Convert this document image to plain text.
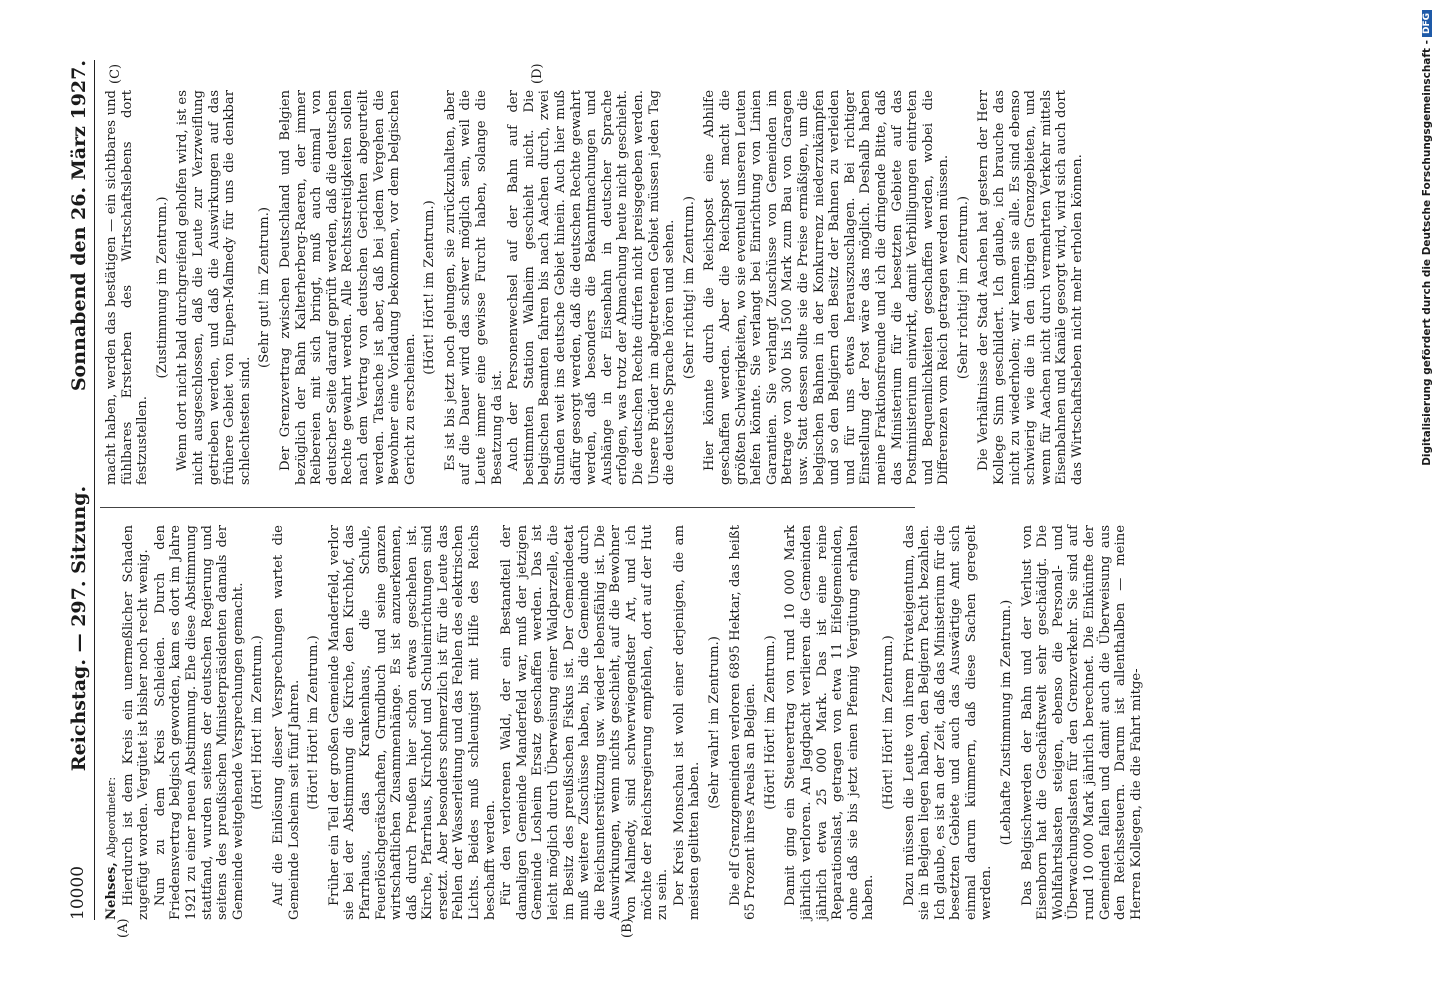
10000
Reichstag. — 297. Sitzung.
Sonnabend den 26. März 1927.
(A)	(B)
(C)	(D)

Nehses, Abgeordneter: Hierdurch ist dem Kreis ein unermeßlicher Schaden zugefügt worden. Vergütet ist bisher noch recht wenig. Nun zu dem Kreis Schleiden. Durch den Friedensvertrag belgisch geworden, kam es dort im Jahre 1921 zu einer neuen Abstimmung. Ehe diese Abstimmung stattfand, wurden seitens der deutschen Regierung und seitens des preußischen Ministerpräsidenten damals der Gemeinde weitgehende Versprechungen gemacht. (Hört! Hört! im Zentrum.) Auf die Einlösung dieser Versprechungen wartet die Gemeinde Losheim seit fünf Jahren. (Hört! Hört! im Zentrum.) Früher ein Teil der großen Gemeinde Manderfeld, verlor sie bei der Abstimmung die Kirche, den Kirchhof, das Pfarrhaus, das Krankenhaus, die Schule, Feuerlöschgerätschaften, Grundbuch und seine ganzen wirtschaftlichen Zusammenhänge. Es ist anzuerkennen, daß durch Preußen hier schon etwas geschehen ist. Kirche, Pfarrhaus, Kirchhof und Schuleinrichtungen sind ersetzt. Aber besonders schmerzlich ist für die Leute das Fehlen der Wasserleitung und das Fehlen des elektrischen Lichts. Beides muß schleunigst mit Hilfe des Reichs beschafft werden. Für den verlorenen Wald, der ein Bestandteil der damaligen Gemeinde Manderfeld war, muß der jetzigen Gemeinde Losheim Ersatz geschaffen werden. Das ist leicht möglich durch Überweisung einer Waldparzelle, die im Besitz des preußischen Fiskus ist. Der Gemeindeetat muß weitere Zuschüsse haben, bis die Gemeinde durch die Reichsunterstützung usw. wieder lebensfähig ist. Die Auswirkungen, wenn nichts geschieht, auf die Bewohner von Malmedy, sind schwerwiegendster Art, und ich möchte der Reichsregierung empfehlen, dort auf der Hut zu sein. Der Kreis Monschau ist wohl einer derjenigen, die am meisten gelitten haben.

(Sehr wahr! im Zentrum.) Die elf Grenzgemeinden verloren 6895 Hektar, das heißt 65 Prozent ihres Areals an Belgien. (Hört! Hört! im Zentrum.) Damit ging ein Steuerertrag von rund 10 000 Mark jährlich verloren. An Jagdpacht verlieren die Gemeinden jährlich etwa 25 000 Mark. Das ist eine reine Reparationslast, getragen von etwa 11 Eifelgemeinden, ohne daß sie bis jetzt einen Pfennig Vergütung erhalten haben.

(Hört! Hört! im Zentrum.) Dazu müssen die Leute von ihrem Privateigentum, das sie in Belgien liegen haben, den Belgiern Pacht bezahlen. Ich glaube, es ist an der Zeit, daß das Ministerium für die besetzten Gebiete und auch das Auswärtige Amt sich einmal darum kümmern, daß diese Sachen geregelt werden.

(Lebhafte Zustimmung im Zentrum.) Das Belgischwerden der Bahn und der Verlust von Eisenborn hat die Geschäftswelt sehr geschädigt. Die Wohlfahrtslasten steigen, ebenso die Personal- und Überwachungslasten für den Grenzverkehr. Sie sind auf rund 10 000 Mark jährlich berechnet. Die Einkünfte der Gemeinden fallen und damit auch die Überweisung aus den Reichssteuern. Darum ist allenthalben — meine Herren Kollegen, die die Fahrt mitge-

macht haben, werden das bestätigen — ein sichtbares und fühlbares Ersterben des Wirtschaftslebens dort festzustellen.

(Zustimmung im Zentrum.) Wenn dort nicht bald durchgreifend geholfen wird, ist es nicht ausgeschlossen, daß die Leute zur Verzweiflung getrieben werden, und daß die Auswirkungen auf das frühere Gebiet von Eupen-Malmedy für uns die denkbar schlechtesten sind.

(Sehr gut! im Zentrum.) Der Grenzvertrag zwischen Deutschland und Belgien bezüglich der Bahn Kalterherberg-Raeren, der immer Reibereien mit sich bringt, muß auch einmal von deutscher Seite darauf geprüft werden, daß die deutschen Rechte gewahrt werden. Alle Rechtsstreitigkeiten sollen nach dem Vertrag von deutschen Gerichten abgeurteilt werden. Tatsache ist aber, daß bei jedem Vergehen die Bewohner eine Vorladung bekommen, vor dem belgischen Gericht zu erscheinen.

(Hört! Hört! im Zentrum.) Es ist bis jetzt noch gelungen, sie zurückzuhalten, aber auf die Dauer wird das schwer möglich sein, weil die Leute immer eine gewisse Furcht haben, solange die Besatzung da ist. Auch der Personenwechsel auf der Bahn auf der bestimmten Station Walheim geschieht nicht. Die belgischen Beamten fahren bis nach Aachen durch, zwei Stunden weit ins deutsche Gebiet hinein. Auch hier muß dafür gesorgt werden, daß die deutschen Rechte gewahrt werden, daß besonders die Bekanntmachungen und Aushänge in der Eisenbahn in deutscher Sprache erfolgen, was trotz der Abmachung heute nicht geschieht. Die deutschen Rechte dürfen nicht preisgegeben werden. Unsere Brüder im abgetretenen Gebiet müssen jeden Tag die deutsche Sprache hören und sehen. (Sehr richtig! im Zentrum.) Hier könnte durch die Reichspost eine Abhilfe geschaffen werden. Aber die Reichspost macht die größten Schwierigkeiten, wo sie eventuell unseren Leuten helfen könnte. Sie verlangt bei Einrichtung von Linien Garantien. Sie verlangt Zuschüsse von Gemeinden im Betrage von 300 bis 1500 Mark zum Bau von Garagen usw. Statt dessen sollte sie die Preise ermäßigen, um die belgischen Bahnen in der Konkurrenz niederzukämpfen und so den Belgiern den Besitz der Bahnen zu verleiden und für uns etwas herauszuschlagen. Bei richtiger Einstellung der Post wäre das möglich. Deshalb haben meine Fraktionsfreunde und ich die dringende Bitte, daß das Ministerium für die besetzten Gebiete auf das Postministerium einwirkt, damit Verbilligungen eintreten und Bequemlichkeiten geschaffen werden, wobei die Differenzen vom Reich getragen werden müssen. (Sehr richtig! im Zentrum.) Die Verhältnisse der Stadt Aachen hat gestern der Herr Kollege Sinn geschildert. Ich glaube, ich brauche das nicht zu wiederholen; wir kennen sie alle. Es sind ebenso schwierig wie die in den übrigen Grenzgebieten, und wenn für Aachen nicht durch vermehrten Verkehr mittels Eisenbahnen und Kanäle gesorgt wird, wird sich auch dort das Wirtschaftsleben nicht mehr erholen können.	Digitalisierung gefördert durch die Deutsche Forschungsgemeinschaft -
DFG
